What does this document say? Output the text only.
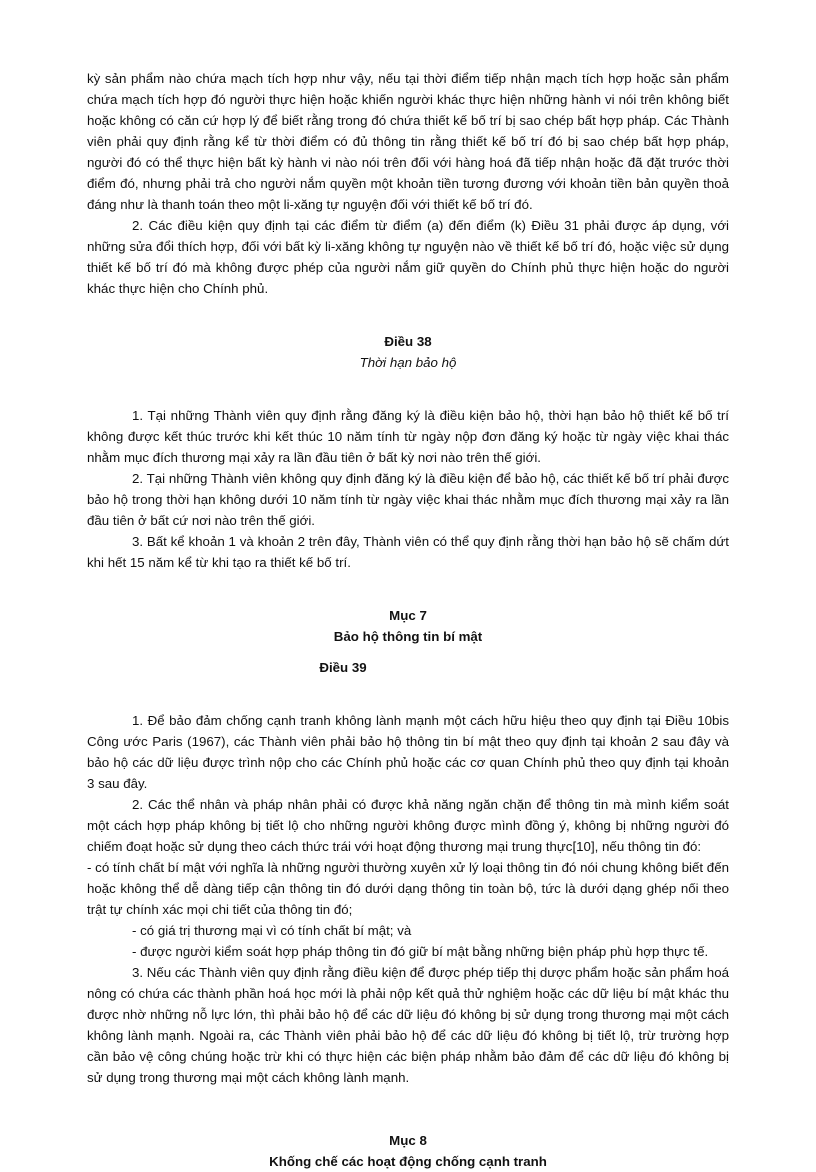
kỳ sản phẩm nào chứa mạch tích hợp như vậy, nếu tại thời điểm tiếp nhận mạch tích hợp hoặc sản phẩm chứa mạch tích hợp đó người thực hiện hoặc khiến người khác thực hiện những hành vi nói trên không biết hoặc không có căn cứ hợp lý để biết rằng trong đó chứa thiết kế bố trí bị sao chép bất hợp pháp. Các Thành viên phải quy định rằng kể từ thời điểm có đủ thông tin rằng thiết kế bố trí đó bị sao chép bất hợp pháp, người đó có thể thực hiện bất kỳ hành vi nào nói trên đối với hàng hoá đã tiếp nhận hoặc đã đặt trước thời điểm đó, nhưng phải trả cho người nắm quyền một khoản tiền tương đương với khoản tiền bản quyền thoả đáng như là thanh toán theo một li-xăng tự nguyện đối với thiết kế bố trí đó.

2. Các điều kiện quy định tại các điểm từ điểm (a) đến điểm (k) Điều 31 phải được áp dụng, với những sửa đổi thích hợp, đối với bất kỳ li-xăng không tự nguyện nào về thiết kế bố trí đó, hoặc việc sử dụng thiết kế bố trí đó mà không được phép của người nắm giữ quyền do Chính phủ thực hiện hoặc do người khác thực hiện cho Chính phủ.

Điều 38

Thời hạn bảo hộ

1. Tại những Thành viên quy định rằng đăng ký là điều kiện bảo hộ, thời hạn bảo hộ thiết kế bố trí không được kết thúc trước khi kết thúc 10 năm tính từ ngày nộp đơn đăng ký hoặc từ ngày việc khai thác nhằm mục đích thương mại xảy ra lần đầu tiên ở bất kỳ nơi nào trên thế giới.

2. Tại những Thành viên không quy định đăng ký là điều kiện để bảo hộ, các thiết kế bố trí phải được bảo hộ trong thời hạn không dưới 10 năm tính từ ngày việc khai thác nhằm mục đích thương mại xảy ra lần đầu tiên ở bất cứ nơi nào trên thế giới.

3. Bất kể khoản 1 và khoản 2 trên đây, Thành viên có thể quy định rằng thời hạn bảo hộ sẽ chấm dứt khi hết 15 năm kể từ khi tạo ra thiết kế bố trí.

Mục 7

Bảo hộ thông tin bí mật

Điều 39

1. Để bảo đảm chống cạnh tranh không lành mạnh một cách hữu hiệu theo quy định tại Điều 10bis Công ước Paris (1967), các Thành viên phải bảo hộ thông tin bí mật theo quy định tại khoản 2 sau đây và bảo hộ các dữ liệu được trình nộp cho các Chính phủ hoặc các cơ quan Chính phủ theo quy định tại khoản 3 sau đây.

2. Các thể nhân và pháp nhân phải có được khả năng ngăn chặn để thông tin mà mình kiểm soát một cách hợp pháp không bị tiết lộ cho những người không được mình đồng ý, không bị những người đó chiếm đoạt hoặc sử dụng theo cách thức trái với hoạt động thương mại trung thực[10], nếu thông tin đó:

- có tính chất bí mật với nghĩa là những người thường xuyên xử lý loại thông tin đó nói chung không biết đến hoặc không thể dễ dàng tiếp cận thông tin đó dưới dạng thông tin toàn bộ, tức là dưới dạng ghép nối theo trật tự chính xác mọi chi tiết của thông tin đó;

- có giá trị thương mại vì có tính chất bí mật; và

- được người kiểm soát hợp pháp thông tin đó giữ bí mật bằng những biện pháp phù hợp thực tế.

3. Nếu các Thành viên quy định rằng điều kiện để được phép tiếp thị dược phẩm hoặc sản phẩm hoá nông có chứa các thành phần hoá học mới là phải nộp kết quả thử nghiệm hoặc các dữ liệu bí mật khác thu được nhờ những nỗ lực lớn, thì phải bảo hộ để các dữ liệu đó không bị sử dụng trong thương mại một cách không lành mạnh. Ngoài ra, các Thành viên phải bảo hộ để các dữ liệu đó không bị tiết lộ, trừ trường hợp cần bảo vệ công chúng hoặc trừ khi có thực hiện các biện pháp nhằm bảo đảm để các dữ liệu đó không bị sử dụng trong thương mại một cách không lành mạnh.

Mục 8

Khống chế các hoạt động chống cạnh tranh
